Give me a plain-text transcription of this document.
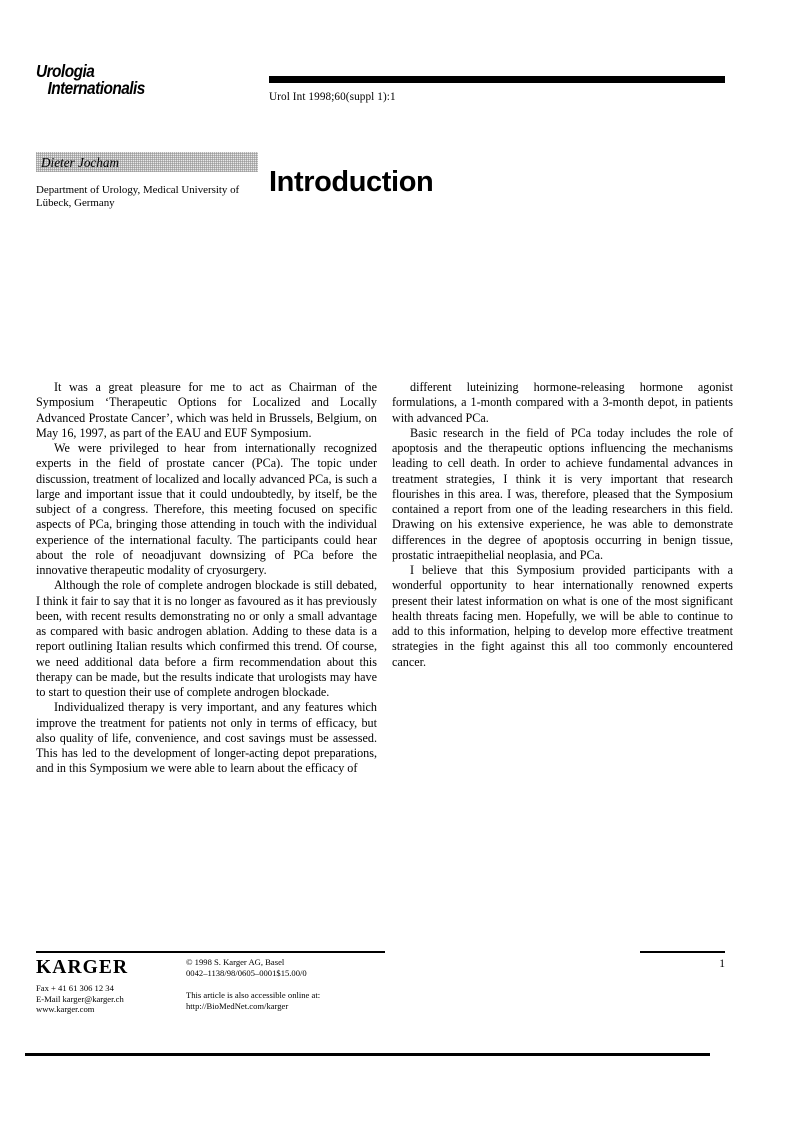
Urologia
Internationalis	Urol Int 1998;60(suppl 1):1
Dieter Jocham
Department of Urology, Medical University of Lübeck, Germany
Introduction

It was a great pleasure for me to act as Chairman of the Symposium ‘Therapeutic Options for Localized and Locally Advanced Prostate Cancer’, which was held in Brussels, Belgium, on May 16, 1997, as part of the EAU and EUF Symposium.

We were privileged to hear from internationally recognized experts in the field of prostate cancer (PCa). The topic under discussion, treatment of localized and locally advanced PCa, is such a large and important issue that it could undoubtedly, by itself, be the subject of a congress. Therefore, this meeting focused on specific aspects of PCa, bringing those attending in touch with the individual experience of the international faculty. The participants could hear about the role of neoadjuvant downsizing of PCa before the innovative therapeutic modality of cryosurgery.

Although the role of complete androgen blockade is still debated, I think it fair to say that it is no longer as favoured as it has previously been, with recent results demonstrating no or only a small advantage as compared with basic androgen ablation. Adding to these data is a report outlining Italian results which confirmed this trend. Of course, we need additional data before a firm recommendation about this therapy can be made, but the results indicate that urologists may have to start to question their use of complete androgen blockade.

Individualized therapy is very important, and any features which improve the treatment for patients not only in terms of efficacy, but also quality of life, convenience, and cost savings must be assessed. This has led to the development of longer-acting depot preparations, and in this Symposium we were able to learn about the efficacy of

different luteinizing hormone-releasing hormone agonist formulations, a 1-month compared with a 3-month depot, in patients with advanced PCa.

Basic research in the field of PCa today includes the role of apoptosis and the therapeutic options influencing the mechanisms leading to cell death. In order to achieve fundamental advances in treatment strategies, I think it is very important that research flourishes in this area. I was, therefore, pleased that the Symposium contained a report from one of the leading researchers in this field. Drawing on his extensive experience, he was able to demonstrate differences in the degree of apoptosis occurring in benign tissue, prostatic intraepithelial neoplasia, and PCa.

I believe that this Symposium provided participants with a wonderful opportunity to hear internationally renowned experts present their latest information on what is one of the most significant health threats facing men. Hopefully, we will be able to continue to add to this information, helping to develop more effective treatment strategies in the fight against this all too commonly encountered cancer.

KARGER
Fax + 41 61 306 12 34
E-Mail karger@karger.ch
www.karger.com
© 1998 S. Karger AG, Basel
0042–1138/98/0605–0001$15.00/0
This article is also accessible online at:
http://BioMedNet.com/karger
1
